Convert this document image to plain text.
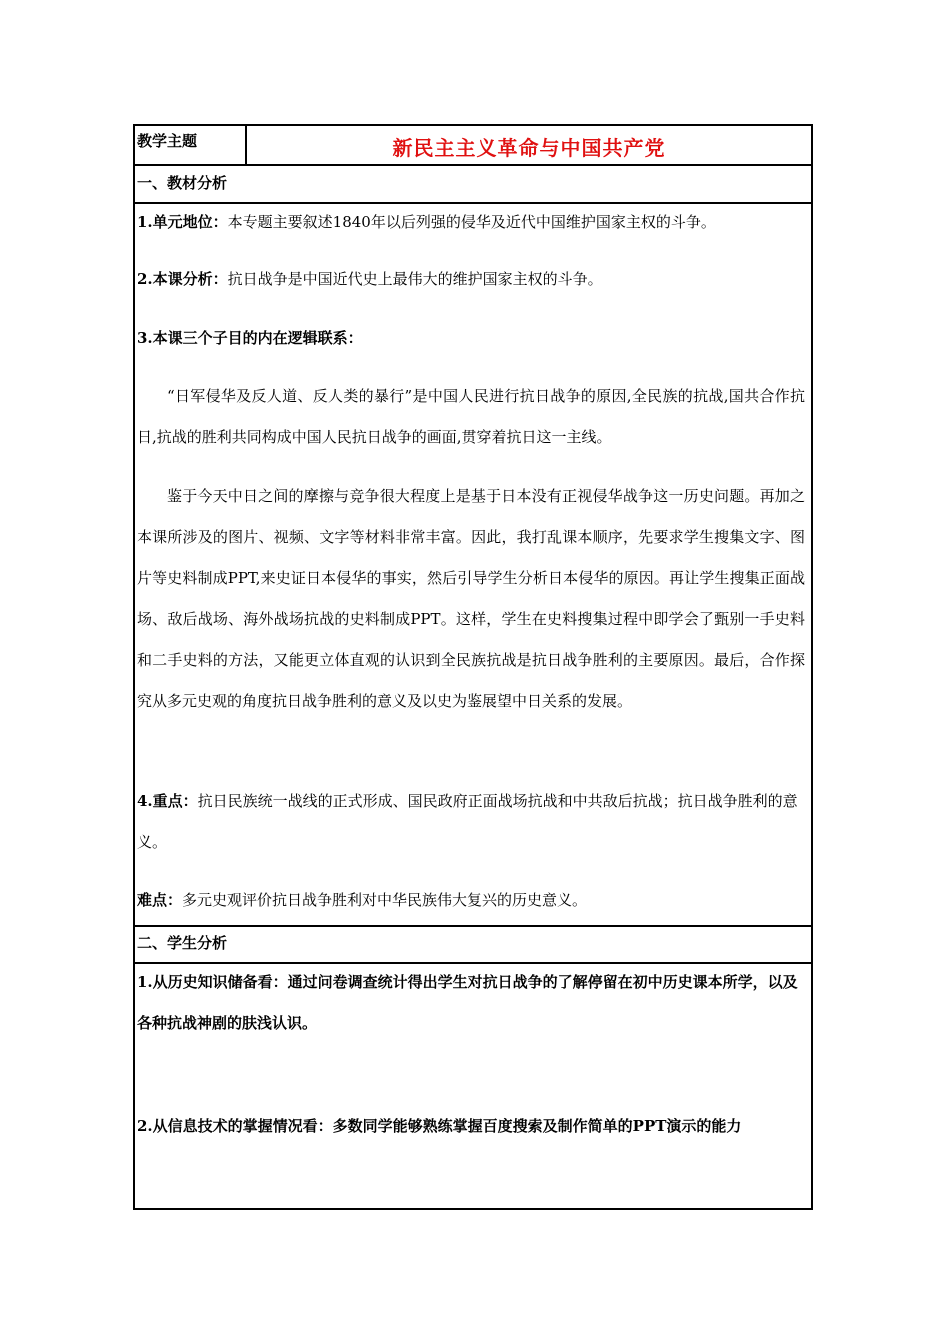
教学主题	新民主主义革命与中国共产党
一、教材分析
1.单元地位：本专题主要叙述1840年以后列强的侵华及近代中国维护国家主权的斗争。
2.本课分析：抗日战争是中国近代史上最伟大的维护国家主权的斗争。
3.本课三个子目的内在逻辑联系：
“日军侵华及反人道、反人类的暴行”是中国人民进行抗日战争的原因,全民族的抗战,国共合作抗日,抗战的胜利共同构成中国人民抗日战争的画面,贯穿着抗日这一主线。
鉴于今天中日之间的摩擦与竞争很大程度上是基于日本没有正视侵华战争这一历史问题。再加之本课所涉及的图片、视频、文字等材料非常丰富。因此，我打乱课本顺序，先要求学生搜集文字、图片等史料制成PPT,来史证日本侵华的事实，然后引导学生分析日本侵华的原因。再让学生搜集正面战场、敌后战场、海外战场抗战的史料制成PPT。这样，学生在史料搜集过程中即学会了甄别一手史料和二手史料的方法，又能更立体直观的认识到全民族抗战是抗日战争胜利的主要原因。最后，合作探究从多元史观的角度抗日战争胜利的意义及以史为鉴展望中日关系的发展。
4.重点：抗日民族统一战线的正式形成、国民政府正面战场抗战和中共敌后抗战；抗日战争胜利的意义。
难点：多元史观评价抗日战争胜利对中华民族伟大复兴的历史意义。
二、学生分析
1.从历史知识储备看：通过问卷调查统计得出学生对抗日战争的了解停留在初中历史课本所学，以及各种抗战神剧的肤浅认识。
2.从信息技术的掌握情况看：多数同学能够熟练掌握百度搜索及制作简单的PPT演示的能力
